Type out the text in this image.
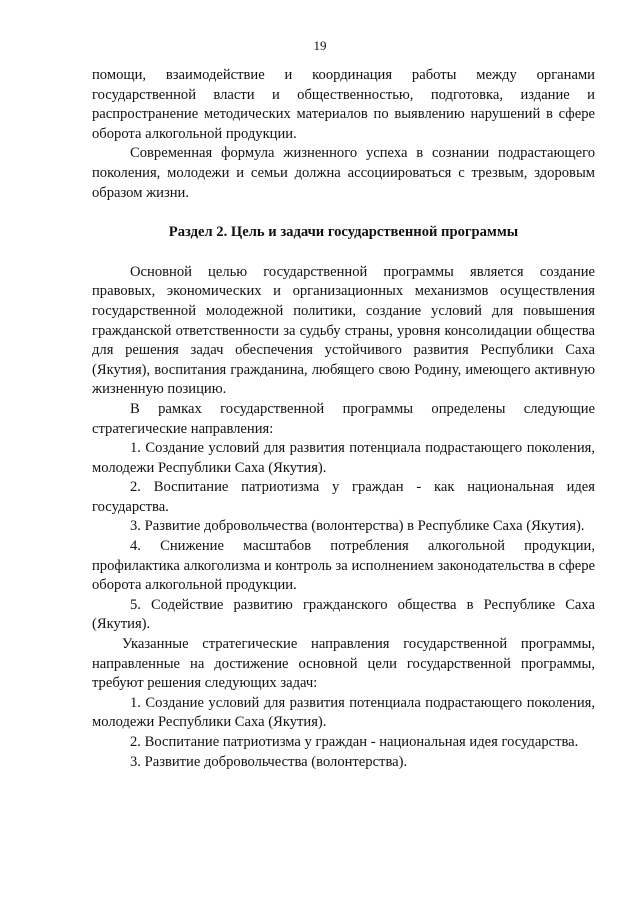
19

помощи, взаимодействие и координация работы между органами государственной власти и общественностью, подготовка, издание и распространение методических материалов по выявлению нарушений в сфере оборота алкогольной продукции.

Современная формула жизненного успеха в сознании подрастающего поколения, молодежи и семьи должна ассоциироваться с трезвым, здоровым образом жизни.

Раздел 2. Цель и задачи государственной программы

Основной целью государственной программы является создание правовых, экономических и организационных механизмов осуществления государственной молодежной политики, создание условий для повышения гражданской ответственности за судьбу страны, уровня консолидации общества для решения задач обеспечения устойчивого развития Республики Саха (Якутия), воспитания гражданина, любящего свою Родину, имеющего активную жизненную позицию.

В рамках государственной программы определены следующие стратегические направления:

1. Создание условий для развития потенциала подрастающего поколения, молодежи Республики Саха (Якутия).

2. Воспитание патриотизма у граждан - как национальная идея государства.

3. Развитие добровольчества (волонтерства) в Республике Саха (Якутия).

4. Снижение масштабов потребления алкогольной продукции, профилактика алкоголизма и контроль за исполнением законодательства в сфере оборота алкогольной продукции.

5. Содействие развитию гражданского общества в Республике Саха (Якутия).

Указанные стратегические направления государственной программы, направленные на достижение основной цели государственной программы, требуют решения следующих задач:

1. Создание условий для развития потенциала подрастающего поколения, молодежи Республики Саха (Якутия).

2. Воспитание патриотизма у граждан - национальная идея государства.

3. Развитие добровольчества (волонтерства).
